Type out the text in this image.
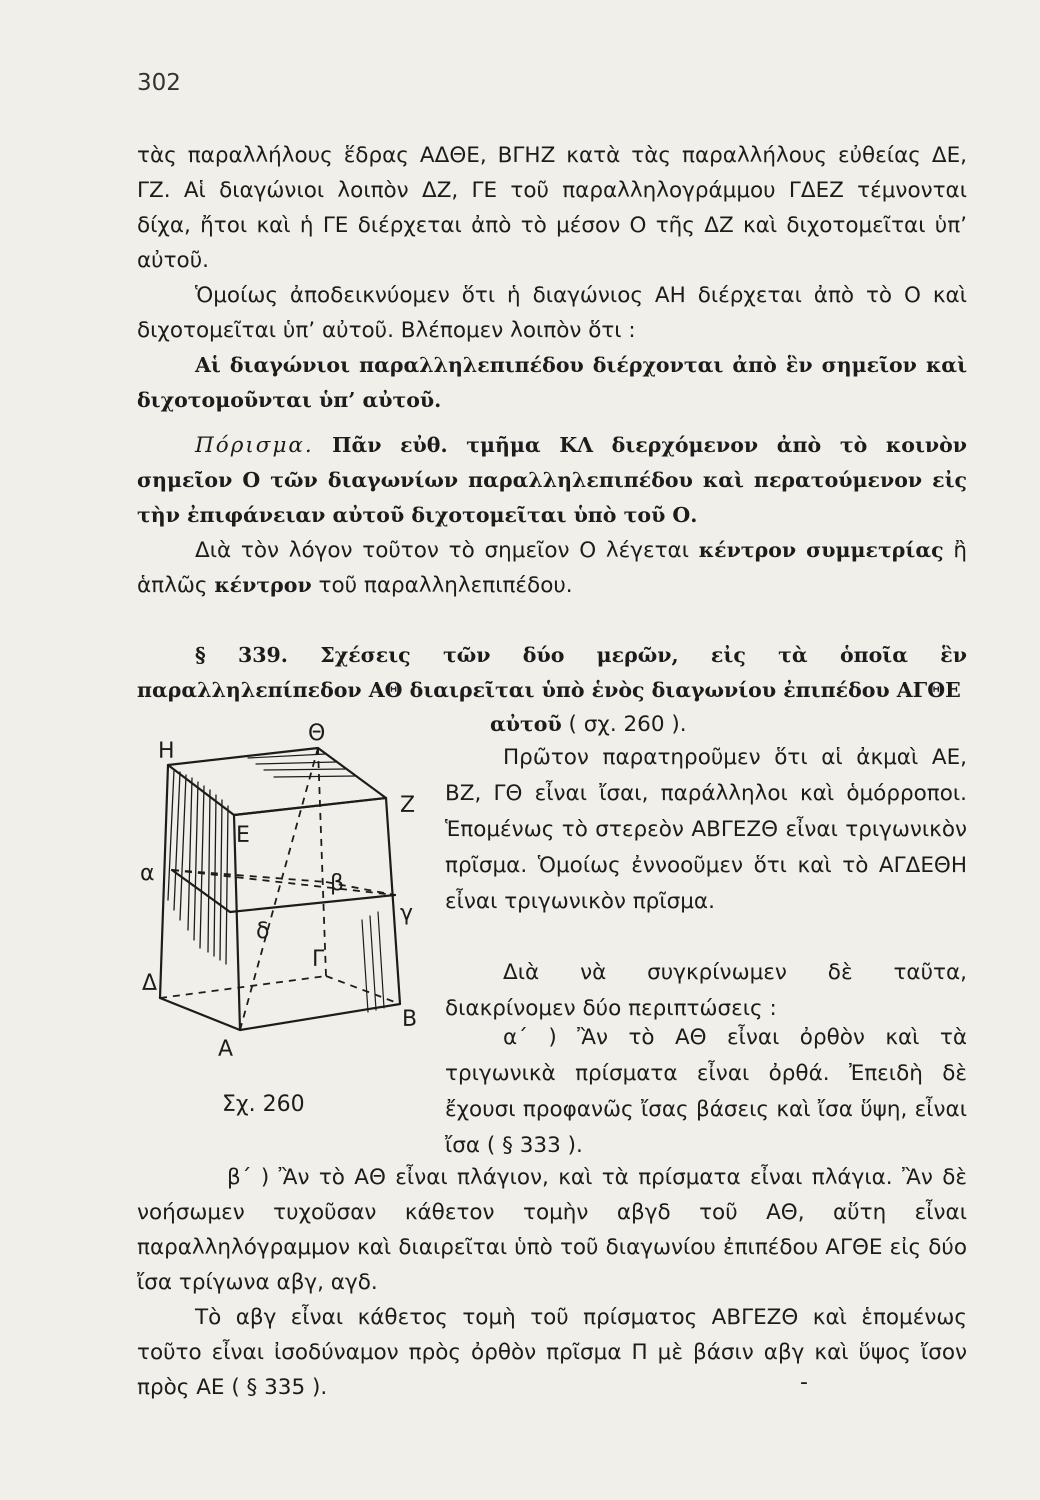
302
τὰς παραλλήλους ἕδρας ΑΔΘΕ, ΒΓΗΖ κατὰ τὰς παραλλήλους εὐθείας ΔΕ, ΓΖ. Αἱ διαγώνιοι λοιπὸν ΔΖ, ΓΕ τοῦ παραλληλογράμμου ΓΔΕΖ τέμνονται δίχα, ἤτοι καὶ ἡ ΓΕ διέρχεται ἀπὸ τὸ μέσον Ο τῆς ΔΖ καὶ διχοτομεῖται ὑπ’ αὐτοῦ.
Ὁμοίως ἀποδεικνύομεν ὅτι ἡ διαγώνιος ΑΗ διέρχεται ἀπὸ τὸ Ο καὶ διχοτομεῖται ὑπ’ αὐτοῦ. Βλέπομεν λοιπὸν ὅτι :
Αἱ διαγώνιοι παραλληλεπιπέδου διέρχονται ἀπὸ ἓν σημεῖον καὶ διχοτομοῦνται ὑπ’ αὐτοῦ.
Πόρισμα. Πᾶν εὐθ. τμῆμα ΚΛ διερχόμενον ἀπὸ τὸ κοινὸν σημεῖον Ο τῶν διαγωνίων παραλληλεπιπέδου καὶ περατούμενον εἰς τὴν ἐπιφάνειαν αὐτοῦ διχοτομεῖται ὑπὸ τοῦ Ο.
Διὰ τὸν λόγον τοῦτον τὸ σημεῖον Ο λέγεται κέντρον συμμετρίας ἢ ἁπλῶς κέντρον τοῦ παραλληλεπιπέδου.
§ 339. Σχέσεις τῶν δύο μερῶν, εἰς τὰ ὁποῖα ἓν παραλληλεπίπεδον ΑΘ διαιρεῖται ὑπὸ ἑνὸς διαγωνίου ἐπιπέδου ΑΓΘΕ
αὐτοῦ ( σχ. 260 ).
Πρῶτον παρατηροῦμεν ὅτι αἱ ἀκμαὶ ΑΕ, ΒΖ, ΓΘ εἶναι ἴσαι, παράλληλοι καὶ ὁμόρροποι. Ἑπομένως τὸ στερεὸν ΑΒΓΕΖΘ εἶναι τριγωνικὸν πρῖσμα. Ὁμοίως ἐννοοῦμεν ὅτι καὶ τὸ ΑΓΔΕΘΗ εἶναι τριγωνικὸν πρῖσμα.
Διὰ νὰ συγκρίνωμεν δὲ ταῦτα, διακρίνομεν δύο περιπτώσεις :
α΄ ) Ἂν τὸ ΑΘ εἶναι ὀρθὸν καὶ τὰ τριγωνικὰ πρίσματα εἶναι ὀρθά. Ἐπειδὴ δὲ ἔχουσι προφανῶς ἴσας βάσεις καὶ ἴσα ὕψη, εἶναι ἴσα ( § 333 ).
β΄ ) Ἂν τὸ ΑΘ εἶναι πλάγιον, καὶ τὰ πρίσματα εἶναι πλάγια. Ἂν δὲ νοήσωμεν τυχοῦσαν κάθετον τομὴν αβγδ τοῦ ΑΘ, αὕτη εἶναι παραλληλόγραμμον καὶ διαιρεῖται ὑπὸ τοῦ διαγωνίου ἐπιπέδου ΑΓΘΕ εἰς δύο ἴσα τρίγωνα αβγ, αγδ.
Τὸ αβγ εἶναι κάθετος τομὴ τοῦ πρίσματος ΑΒΓΕΖΘ καὶ ἑπομένως τοῦτο εἶναι ἰσοδύναμον πρὸς ὀρθὸν πρῖσμα Π μὲ βάσιν αβγ καὶ ὕψος ἴσον πρὸς ΑΕ ( § 335 ).	-
Η
Θ
Ζ
Ε
α	β
δ
γ
Γ
Δ
Β
Α
Σχ. 260
